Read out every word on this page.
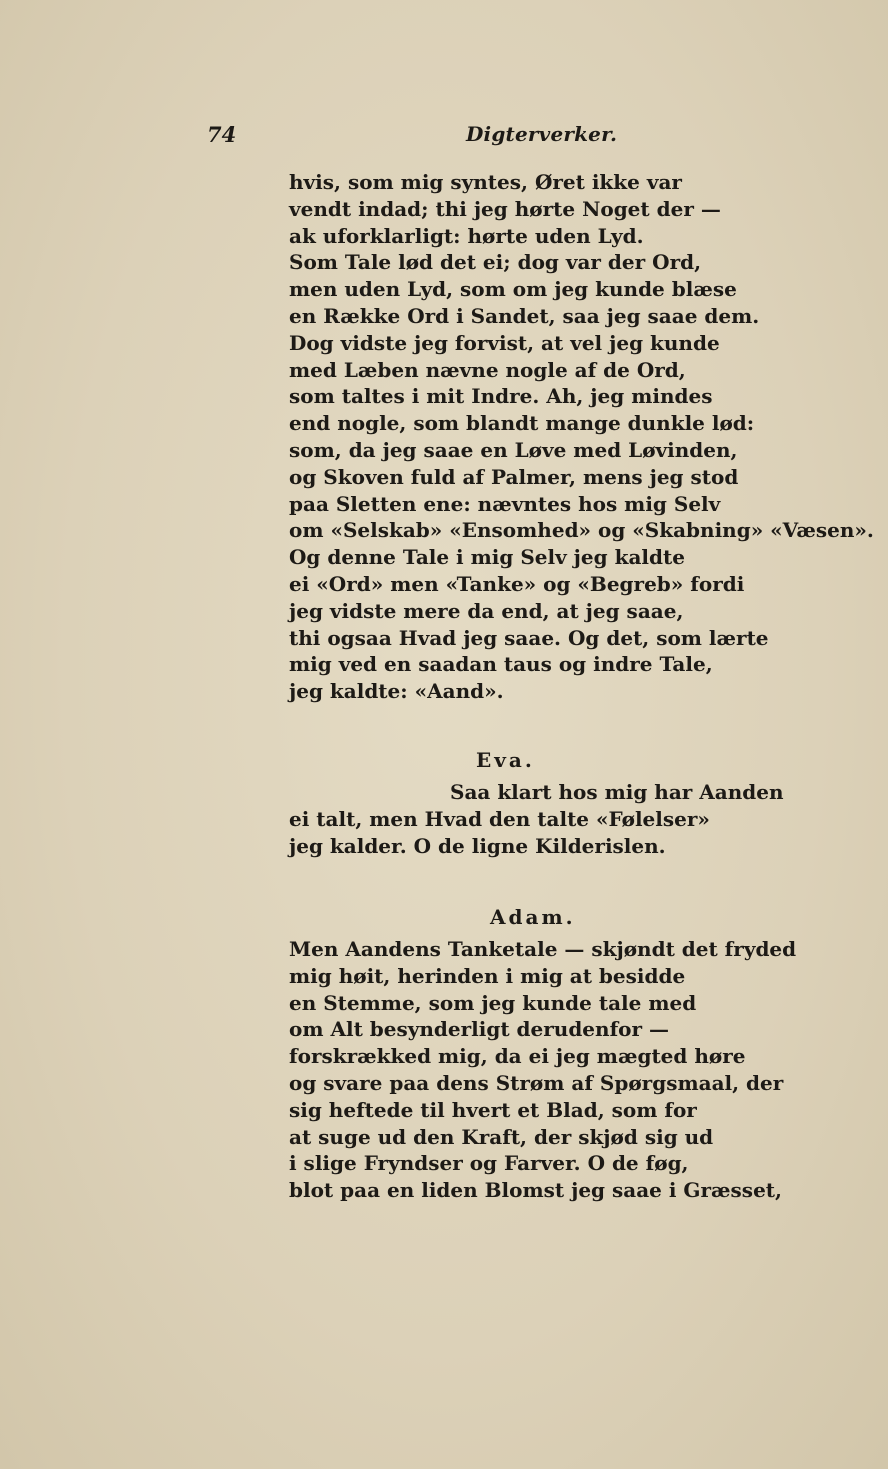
74	Digterverker.
hvis, som mig syntes, Øret ikke var
vendt indad; thi jeg hørte Noget der —
ak uforklarligt: hørte uden Lyd.
Som Tale lød det ei; dog var der Ord,
men uden Lyd, som om jeg kunde blæse
en Række Ord i Sandet, saa jeg saae dem.
Dog vidste jeg forvist, at vel jeg kunde
med Læben nævne nogle af de Ord,
som taltes i mit Indre. Ah, jeg mindes
end nogle, som blandt mange dunkle lød:
som, da jeg saae en Løve med Løvinden,
og Skoven fuld af Palmer, mens jeg stod
paa Sletten ene: nævntes hos mig Selv
om «Selskab» «Ensomhed» og «Skabning» «Væsen».
Og denne Tale i mig Selv jeg kaldte
ei «Ord» men «Tanke» og «Begreb» fordi
jeg vidste mere da end, at jeg saae,
thi ogsaa Hvad jeg saae. Og det, som lærte
mig ved en saadan taus og indre Tale,
jeg kaldte: «Aand».
Eva.
Saa klart hos mig har Aanden
ei talt, men Hvad den talte «Følelser»
jeg kalder. O de ligne Kilderislen.
Adam.
Men Aandens Tanketale — skjøndt det fryded
mig høit, herinden i mig at besidde
en Stemme, som jeg kunde tale med
om Alt besynderligt derudenfor —
forskrækked mig, da ei jeg mægted høre
og svare paa dens Strøm af Spørgsmaal, der
sig heftede til hvert et Blad, som for
at suge ud den Kraft, der skjød sig ud
i slige Fryndser og Farver. O de føg,
blot paa en liden Blomst jeg saae i Græsset,
